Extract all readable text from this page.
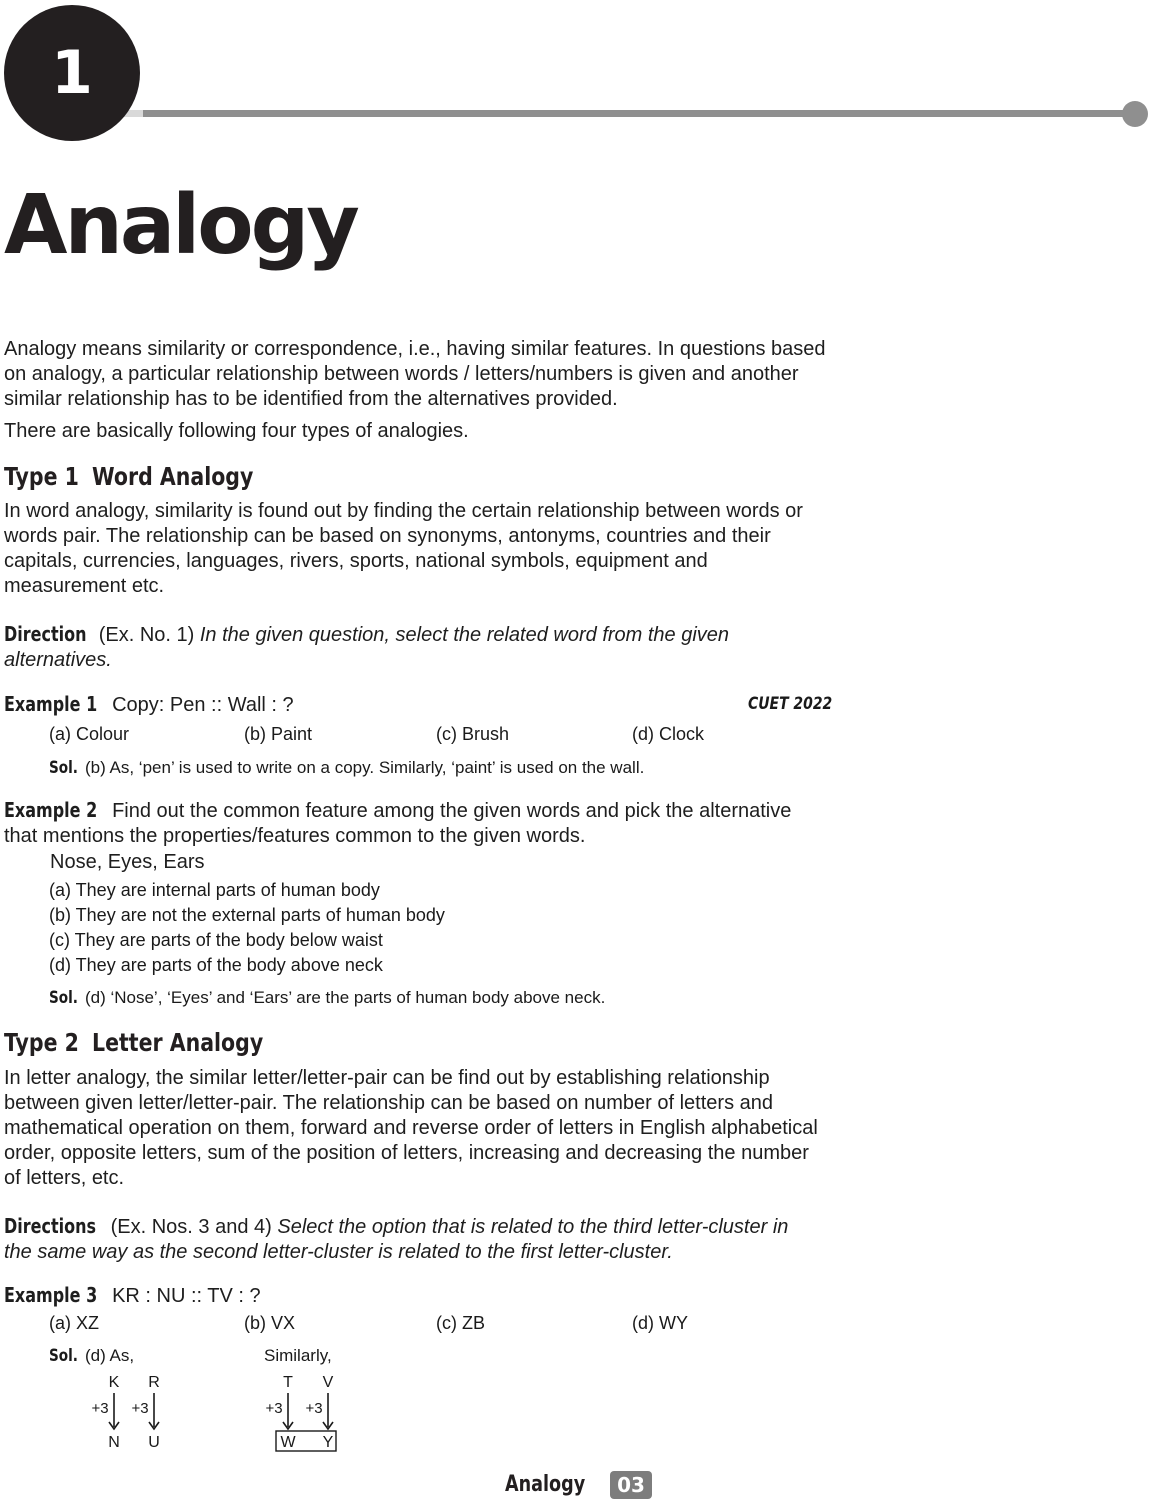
1
Analogy
Analogy means similarity or correspondence, i.e., having similar features. In questions based on analogy, a particular relationship between words / letters/numbers is given and another similar relationship has to be identified from the alternatives provided.
There are basically following four types of analogies.
Type 1 Word Analogy
In word analogy, similarity is found out by finding the certain relationship between words or words pair. The relationship can be based on synonyms, antonyms, countries and their capitals, currencies, languages, rivers, sports, national symbols, equipment and measurement etc.
Direction (Ex. No. 1) In the given question, select the related word from the given alternatives.
Example 1 Copy: Pen :: Wall : ?	CUET 2022
(a) Colour	(b) Paint	(c) Brush	(d) Clock
Sol. (b) As, ‘pen’ is used to write on a copy. Similarly, ‘paint’ is used on the wall.
Example 2 Find out the common feature among the given words and pick the alternative that mentions the properties/features common to the given words.
Nose, Eyes, Ears
(a) They are internal parts of human body
(b) They are not the external parts of human body
(c) They are parts of the body below waist
(d) They are parts of the body above neck
Sol. (d) ‘Nose’, ‘Eyes’ and ‘Ears’ are the parts of human body above neck.
Type 2 Letter Analogy
In letter analogy, the similar letter/letter-pair can be find out by establishing relationship between given letter/letter-pair. The relationship can be based on number of letters and mathematical operation on them, forward and reverse order of letters in English alphabetical order, opposite letters, sum of the position of letters, increasing and decreasing the number of letters, etc.
Directions (Ex. Nos. 3 and 4) Select the option that is related to the third letter-cluster in the same way as the second letter-cluster is related to the first letter-cluster.
Example 3 KR : NU :: TV : ?
(a) XZ	(b) VX	(c) ZB	(d) WY
Sol. (d) As,	Similarly,
K R
+3 +3
N U
T V
+3 +3
W Y
Analogy 03
